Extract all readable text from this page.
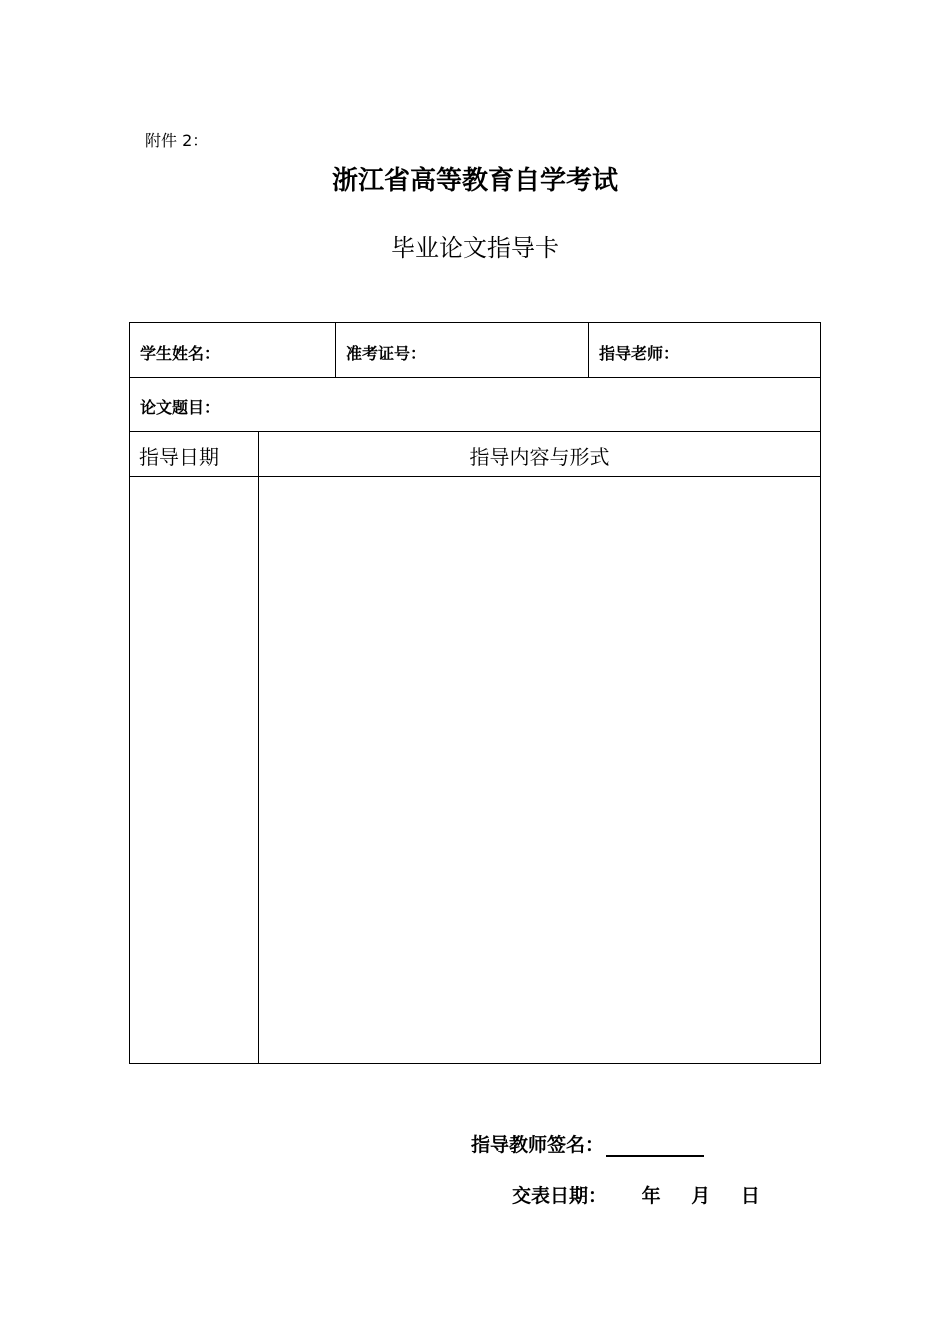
附件 2：
浙江省高等教育自学考试
毕业论文指导卡
学生姓名：	准考证号：	指导老师：
论文题目：
指导日期	指导内容与形式
指导教师签名：
交表日期： 年 月 日
